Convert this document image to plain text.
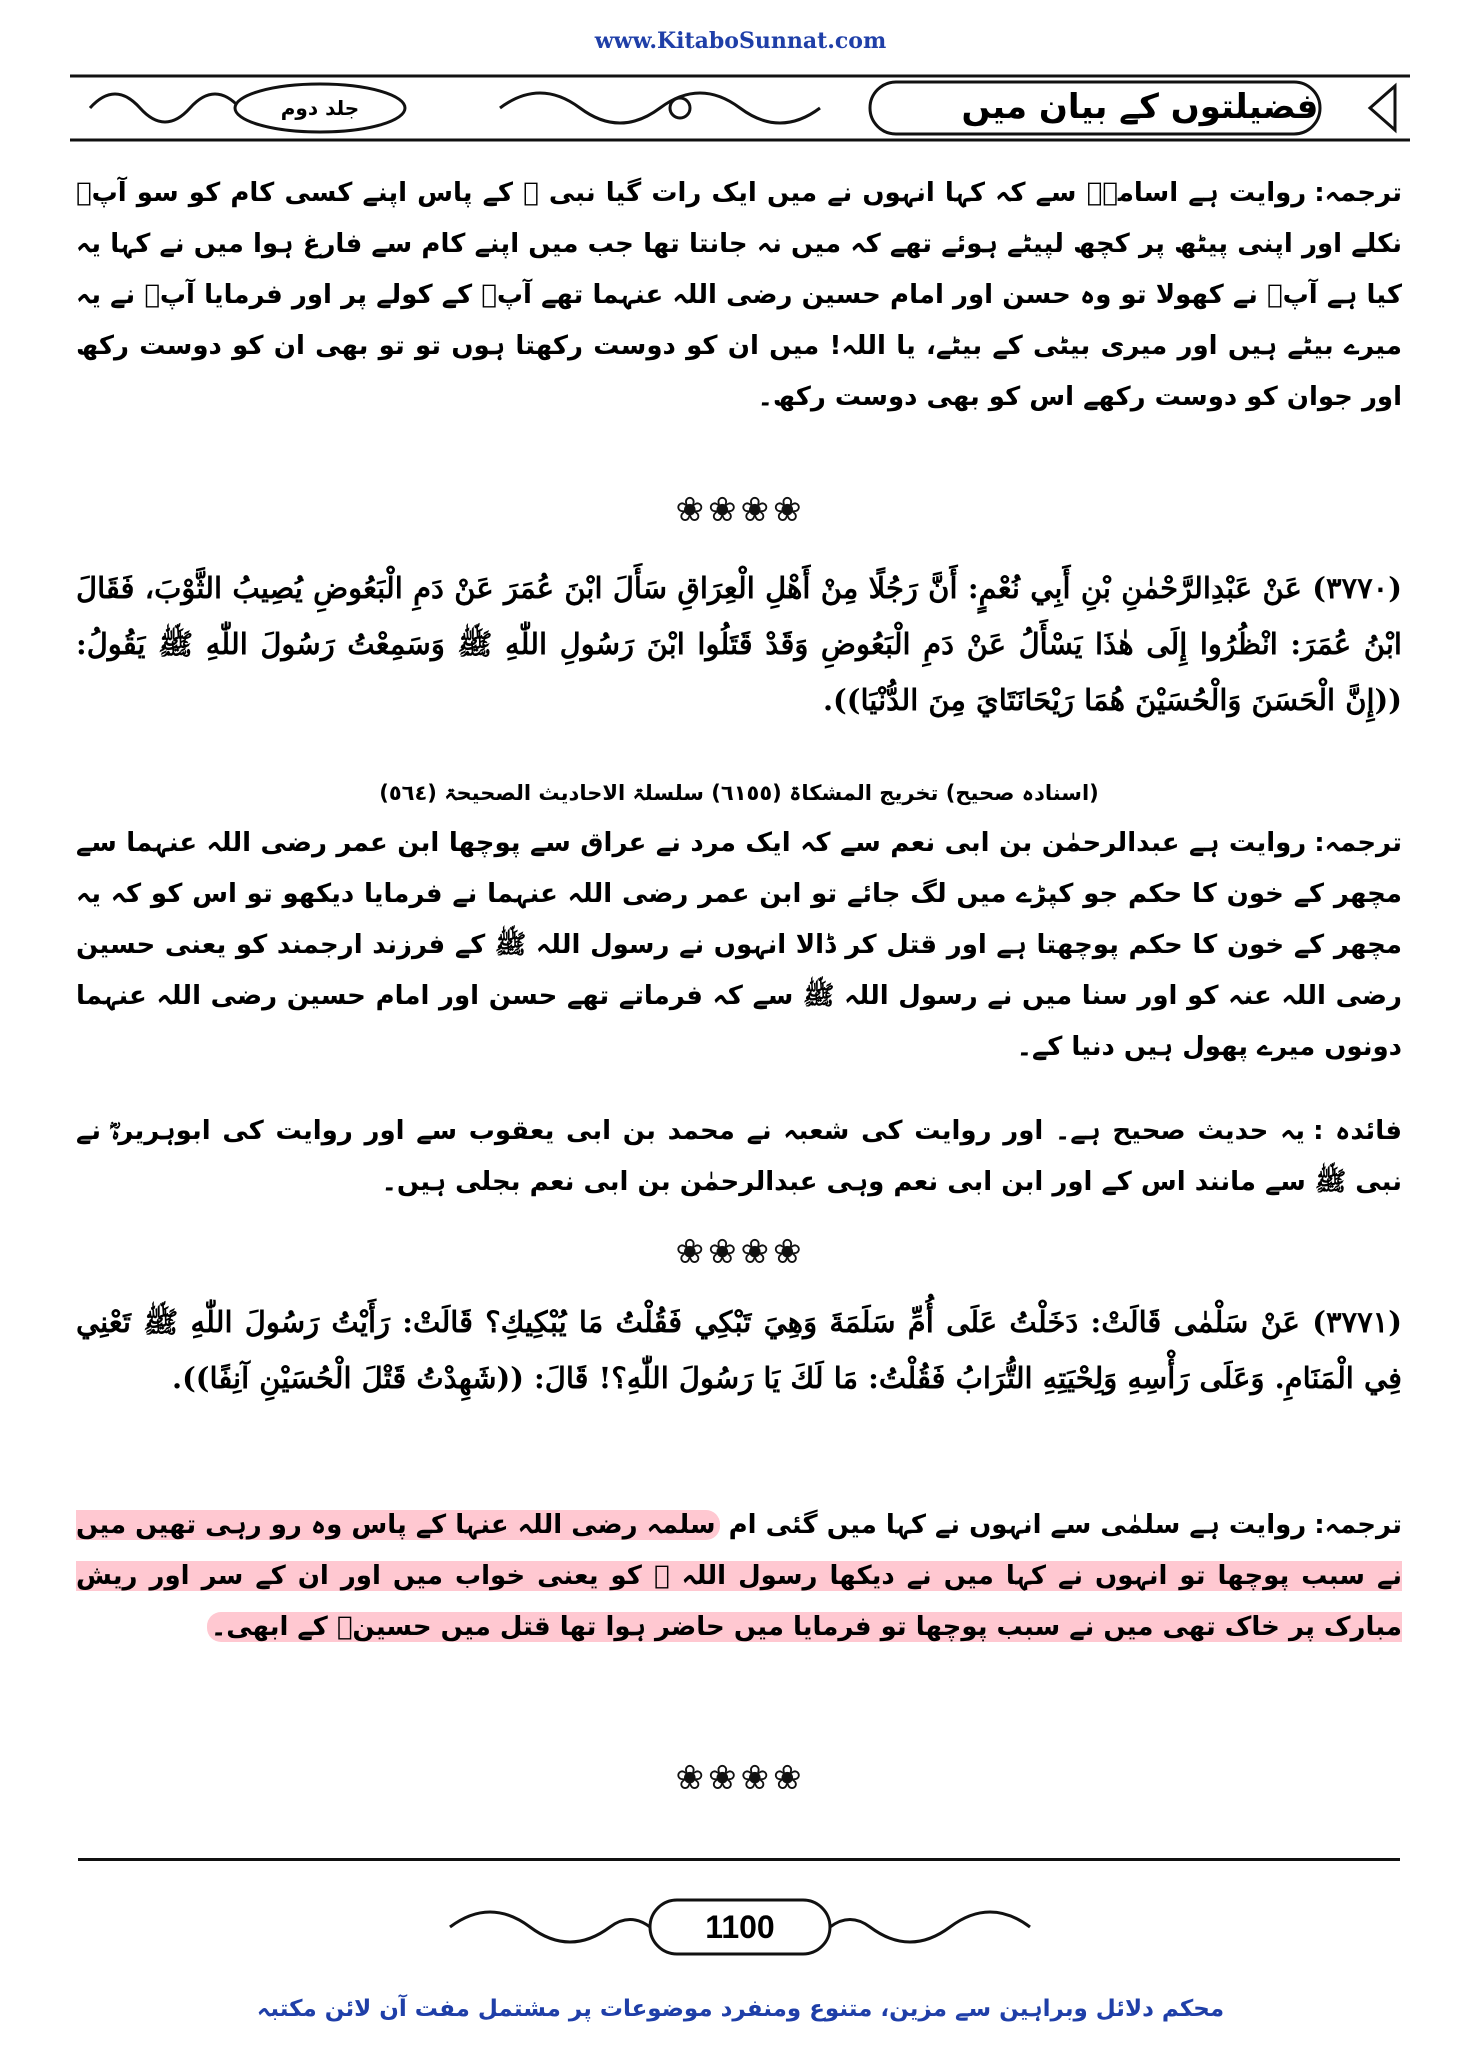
www.KitaboSunnat.com
فضیلتوں کے بیان میں
جلد دوم
ترجمہ:روایت ہے اسامہؓ سے کہ کہا انہوں نے میں ایک رات گیا نبی ﷺ کے پاس اپنے کسی کام کو سو آپؐ نکلے اور اپنی پیٹھ پر کچھ لپیٹے ہوئے تھے کہ میں نہ جانتا تھا جب میں اپنے کام سے فارغ ہوا میں نے کہا یہ کیا ہے آپؐ نے کھولا تو وہ حسن اور امام حسین رضی اللہ عنہما تھے آپؐ کے کولے پر اور فرمایا آپؐ نے یہ میرے بیٹے ہیں اور میری بیٹی کے بیٹے، یا اللہ! میں ان کو دوست رکھتا ہوں تو تو بھی ان کو دوست رکھ اور جوان کو دوست رکھے اس کو بھی دوست رکھ۔
❀❀❀❀
(٣٧٧٠) عَنْ عَبْدِالرَّحْمٰنِ بْنِ أَبِي نُعْمٍ: أَنَّ رَجُلًا مِنْ أَهْلِ الْعِرَاقِ سَأَلَ ابْنَ عُمَرَ عَنْ دَمِ الْبَعُوضِ يُصِيبُ الثَّوْبَ، فَقَالَ ابْنُ عُمَرَ: انْظُرُوا إِلَى هٰذَا يَسْأَلُ عَنْ دَمِ الْبَعُوضِ وَقَدْ قَتَلُوا ابْنَ رَسُولِ اللّٰهِ ﷺ وَسَمِعْتُ رَسُولَ اللّٰهِ ﷺ يَقُولُ: ((إِنَّ الْحَسَنَ وَالْحُسَيْنَ هُمَا رَيْحَانَتَايَ مِنَ الدُّنْيَا)).
(اسنادہ صحیح) تخریج المشکاۃ (٦١٥٥) سلسلۃ الاحادیث الصحیحۃ (٥٦٤)
ترجمہ:روایت ہے عبدالرحمٰن بن ابی نعم سے کہ ایک مرد نے عراق سے پوچھا ابن عمر رضی اللہ عنہما سے مچھر کے خون کا حکم جو کپڑے میں لگ جائے تو ابن عمر رضی اللہ عنہما نے فرمایا دیکھو تو اس کو کہ یہ مچھر کے خون کا حکم پوچھتا ہے اور قتل کر ڈالا انہوں نے رسول اللہ ﷺ کے فرزند ارجمند کو یعنی حسین رضی اللہ عنہ کو اور سنا میں نے رسول اللہ ﷺ سے کہ فرماتے تھے حسن اور امام حسین رضی اللہ عنہما دونوں میرے پھول ہیں دنیا کے۔
فائدہ :یہ حدیث صحیح ہے۔ اور روایت کی شعبہ نے محمد بن ابی یعقوب سے اور روایت کی ابوہریرہؓ نے نبی ﷺ سے مانند اس کے اور ابن ابی نعم وہی عبدالرحمٰن بن ابی نعم بجلی ہیں۔
❀❀❀❀
(٣٧٧١) عَنْ سَلْمٰى قَالَتْ: دَخَلْتُ عَلَى أُمِّ سَلَمَةَ وَهِيَ تَبْكِي فَقُلْتُ مَا يُبْكِيكِ؟ قَالَتْ: رَأَيْتُ رَسُولَ اللّٰهِ ﷺ تَعْنِي فِي الْمَنَامِ. وَعَلَى رَأْسِهِ وَلِحْيَتِهِ التُّرَابُ فَقُلْتُ: مَا لَكَ يَا رَسُولَ اللّٰهِ؟! قَالَ: ((شَهِدْتُ قَتْلَ الْحُسَيْنِ آنِفًا)).
ترجمہ:روایت ہے سلمٰی سے انہوں نے کہا میں گئی ام سلمہ رضی اللہ عنہا کے پاس وہ رو رہی تھیں میں نے سبب پوچھا تو انہوں نے کہا میں نے دیکھا رسول اللہ ﷺ کو یعنی خواب میں اور ان کے سر اور ریش مبارک پر خاک تھی میں نے سبب پوچھا تو فرمایا میں حاضر ہوا تھا قتل میں حسینؓ کے ابھی۔
❀❀❀❀
1100
محکم دلائل وبراہین سے مزین، متنوع ومنفرد موضوعات پر مشتمل مفت آن لائن مکتبہ
